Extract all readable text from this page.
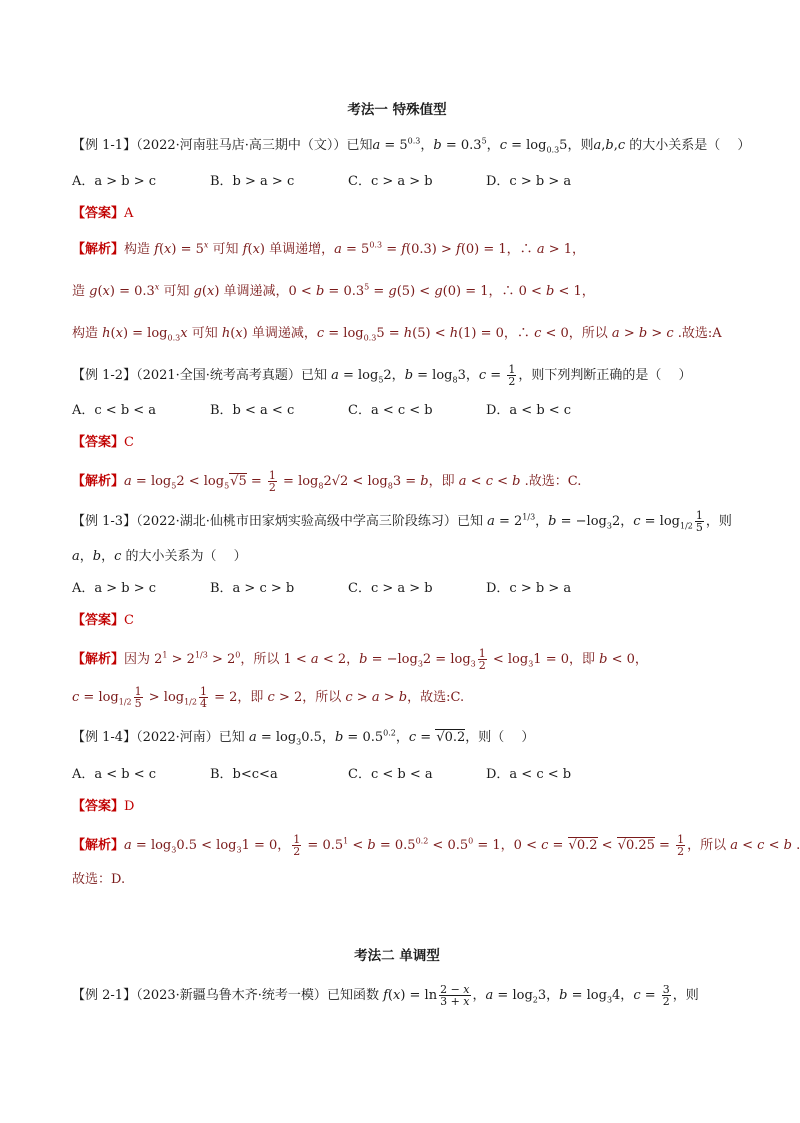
考法一 特殊值型
【例 1-1】（2022·河南驻马店·高三期中（文））已知$a = 5^{0.3}$，$b = 0.3^5$，$c = \log_{0.3}5$，则a,b,c 的大小关系是（　 ）
A．a > b > c	B．b > a > c	C．c > a > b	D．c > b > a
【答案】A
【解析】构造 $f(x) = 5^x$ 可知 f(x) 单调递增，$a = 5^{0.3} = f(0.3) > f(0) = 1$，∴ a > 1，
造 $g(x) = 0.3^x$ 可知 g(x) 单调递减，$0 < b = 0.3^5 = g(5) < g(0) = 1$，∴ 0 < b < 1，
构造 $h(x) = \log_{0.3}x$ 可知 h(x) 单调递减，$c = \log_{0.3}5 = h(5) < h(1) = 0$，∴ c < 0，所以 a > b > c .故选:A
【例 1-2】（2021·全国·统考高考真题）已知 $a = \log_52$，$b = \log_83$，$c = \frac{1}{2}$ ，则下列判断正确的是（　 ）
A．c < b < a	B．b < a < c	C．a < c < b	D．a < b < c
【答案】C
【解析】$a = \log_52 < \log_5√5 = \frac{1}{2} = \log_82√2 < \log_83 = b$，即 a < c < b .故选：C.
【例 1-3】（2022·湖北·仙桃市田家炳实验高级中学高三阶段练习）已知 $a = 2^{1/3}$，$b = -\log_32$，$c = \log_{1/2} \frac{1}{5}$ ，则
a，b，c 的大小关系为（　 ）
A．a > b > c	B．a > c > b	C．c > a > b	D．c > b > a
【答案】C
【解析】因为 $2^1 > 2^{1/3} > 2^0$，所以 1 < a < 2，$b = -\log_32 = \log_3 \frac{1}{2} < \log_31 = 0$，即 b < 0，
$c = \log_{1/2} \frac{1}{5} > \log_{1/2} \frac{1}{4} = 2$，即 c > 2，所以 c > a > b，故选:C.
【例 1-4】（2022·河南）已知 $a = \log_30.5$，$b = 0.5^{0.2}$，c = √0.2，则（　 ）
A．a < b < c	B．b<c<a	C．c < b < a	D．a < c < b
【答案】D
【解析】$a = \log_30.5 < \log_31 = 0$， $\frac{1}{2} = 0.5^1 < b = 0.5^{0.2} < 0.5^0 = 1$，$0 < c = √0.2 < √0.25 = \frac{1}{2}$ ，所以 a < c < b .
故选：D.
考法二 单调型
【例 2-1】（2023·新疆乌鲁木齐·统考一模）已知函数 $f(x) = \ln \frac{2 - x}{3 + x}$ ，$a = \log_23$，$b = \log_34$，$c = \frac{3}{2}$ ，则
